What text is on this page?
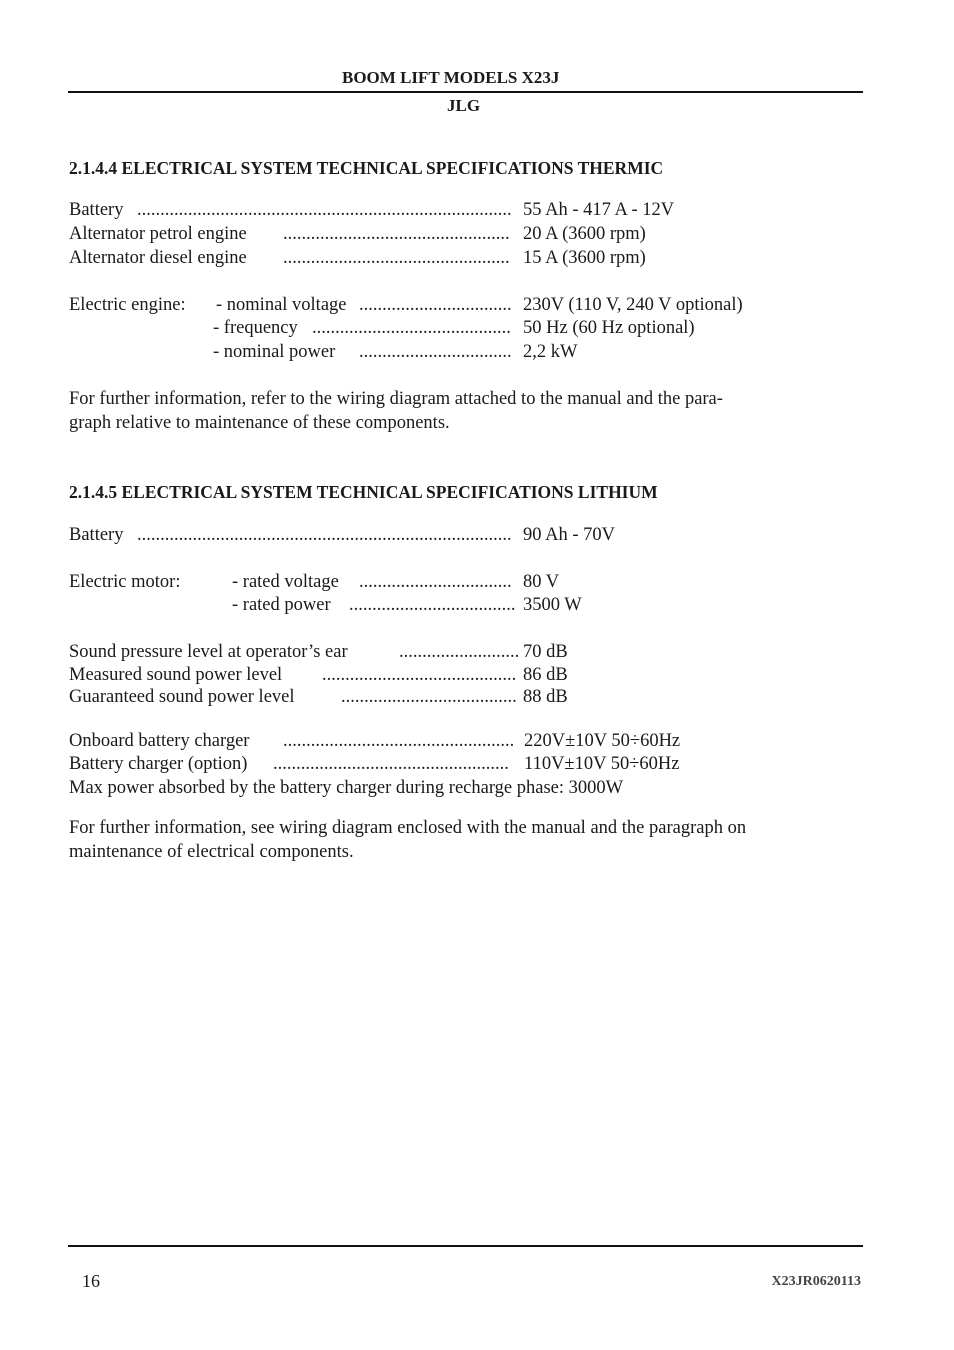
BOOM LIFT MODELS X23J
JLG
2.1.4.4 ELECTRICAL SYSTEM TECHNICAL SPECIFICATIONS THERMIC
Battery ................................................................................. 55 Ah - 417 A - 12V
Alternator petrol engine ................................................. 20 A (3600 rpm)
Alternator diesel engine ................................................. 15 A (3600 rpm)
Electric engine: - nominal voltage ................................. 230V (110 V, 240 V optional)
- frequency ........................................... 50 Hz (60 Hz optional)
- nominal power ................................. 2,2 kW
For further information, refer to the wiring diagram attached to the manual and the para-
graph relative to maintenance of these components.
2.1.4.5 ELECTRICAL SYSTEM TECHNICAL SPECIFICATIONS LITHIUM
Battery ................................................................................. 90 Ah - 70V
Electric motor:	- rated voltage ................................. 80 V
- rated power .................................... 3500 W
Sound pressure level at operator’s ear	.......................... 70 dB
Measured sound power level .......................................... 86 dB
Guaranteed sound power level	...................................... 88 dB
Onboard battery charger .................................................. 220V±10V 50÷60Hz
Battery charger (option) ................................................... 110V±10V 50÷60Hz
Max power absorbed by the battery charger during recharge phase: 3000W
For further information, see wiring diagram enclosed with the manual and the paragraph on
maintenance of electrical components.
16	X23JR0620113
